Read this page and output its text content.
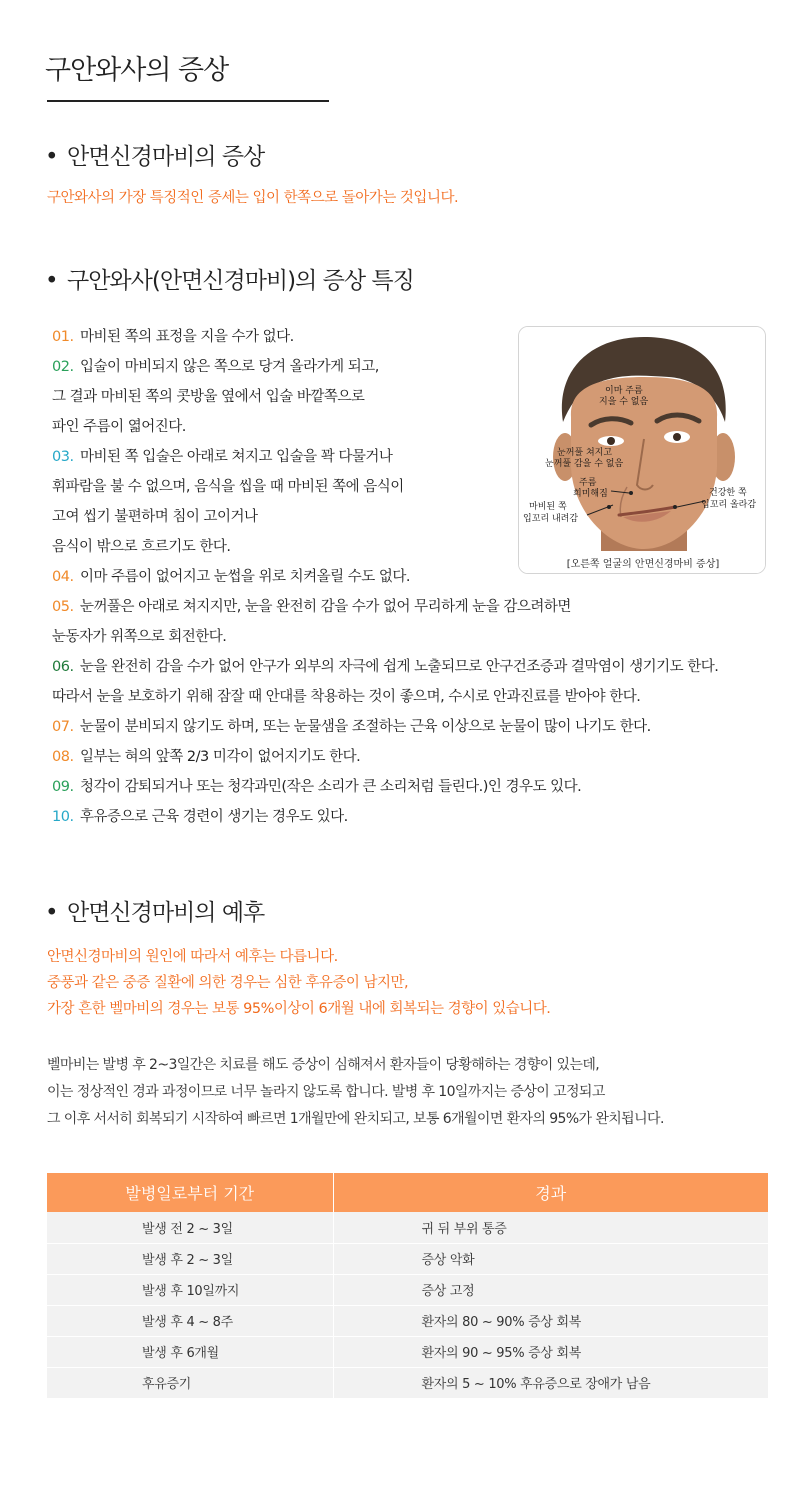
구안와사의 증상
• 안면신경마비의 증상
구안와사의 가장 특징적인 증세는 입이 한쪽으로 돌아가는 것입니다.
• 구안와사(안면신경마비)의 증상 특징
01. 마비된 쪽의 표정을 지을 수가 없다.
02. 입술이 마비되지 않은 쪽으로 당겨 올라가게 되고,
그 결과 마비된 쪽의 콧방울 옆에서 입술 바깥쪽으로
파인 주름이 엷어진다.
03. 마비된 쪽 입술은 아래로 쳐지고 입술을 꽉 다물거나
휘파람을 불 수 없으며, 음식을 씹을 때 마비된 쪽에 음식이
고여 씹기 불편하며 침이 고이거나
음식이 밖으로 흐르기도 한다.
04. 이마 주름이 없어지고 눈썹을 위로 치켜올릴 수도 없다.
05. 눈꺼풀은 아래로 쳐지지만, 눈을 완전히 감을 수가 없어 무리하게 눈을 감으려하면
눈동자가 위쪽으로 회전한다.
06. 눈을 완전히 감을 수가 없어 안구가 외부의 자극에 쉽게 노출되므로 안구건조증과 결막염이 생기기도 한다.
따라서 눈을 보호하기 위해 잠잘 때 안대를 착용하는 것이 좋으며, 수시로 안과진료를 받아야 한다.
07. 눈물이 분비되지 않기도 하며, 또는 눈물샘을 조절하는 근육 이상으로 눈물이 많이 나기도 한다.
08. 일부는 혀의 앞쪽 2/3 미각이 없어지기도 한다.
09. 청각이 감퇴되거나 또는 청각과민(작은 소리가 큰 소리처럼 들린다.)인 경우도 있다.
10. 후유증으로 근육 경련이 생기는 경우도 있다.
이마 주름
지을 수 없음
눈꺼풀 쳐지고
눈꺼풀 감을 수 없음
주름
희미해짐
마비된 쪽
입꼬리 내려감
건강한 쪽
입꼬리 올라감
[오른쪽 얼굴의 안면신경마비 증상]
• 안면신경마비의 예후
안면신경마비의 원인에 따라서 예후는 다릅니다.
중풍과 같은 중증 질환에 의한 경우는 심한 후유증이 남지만,
가장 흔한 벨마비의 경우는 보통 95%이상이 6개월 내에 회복되는 경향이 있습니다.
벨마비는 발병 후 2~3일간은 치료를 해도 증상이 심해져서 환자들이 당황해하는 경향이 있는데,
이는 정상적인 경과 과정이므로 너무 놀라지 않도록 합니다. 발병 후 10일까지는 증상이 고정되고
그 이후 서서히 회복되기 시작하여 빠르면 1개월만에 완치되고, 보통 6개월이면 환자의 95%가 완치됩니다.
발병일로부터 기간	경과
발생 전 2 ~ 3일	귀 뒤 부위 통증
발생 후 2 ~ 3일	증상 악화
발생 후 10일까지	증상 고정
발생 후 4 ~ 8주	환자의 80 ~ 90% 증상 회복
발생 후 6개월	환자의 90 ~ 95% 증상 회복
후유증기	환자의 5 ~ 10% 후유증으로 장애가 남음
